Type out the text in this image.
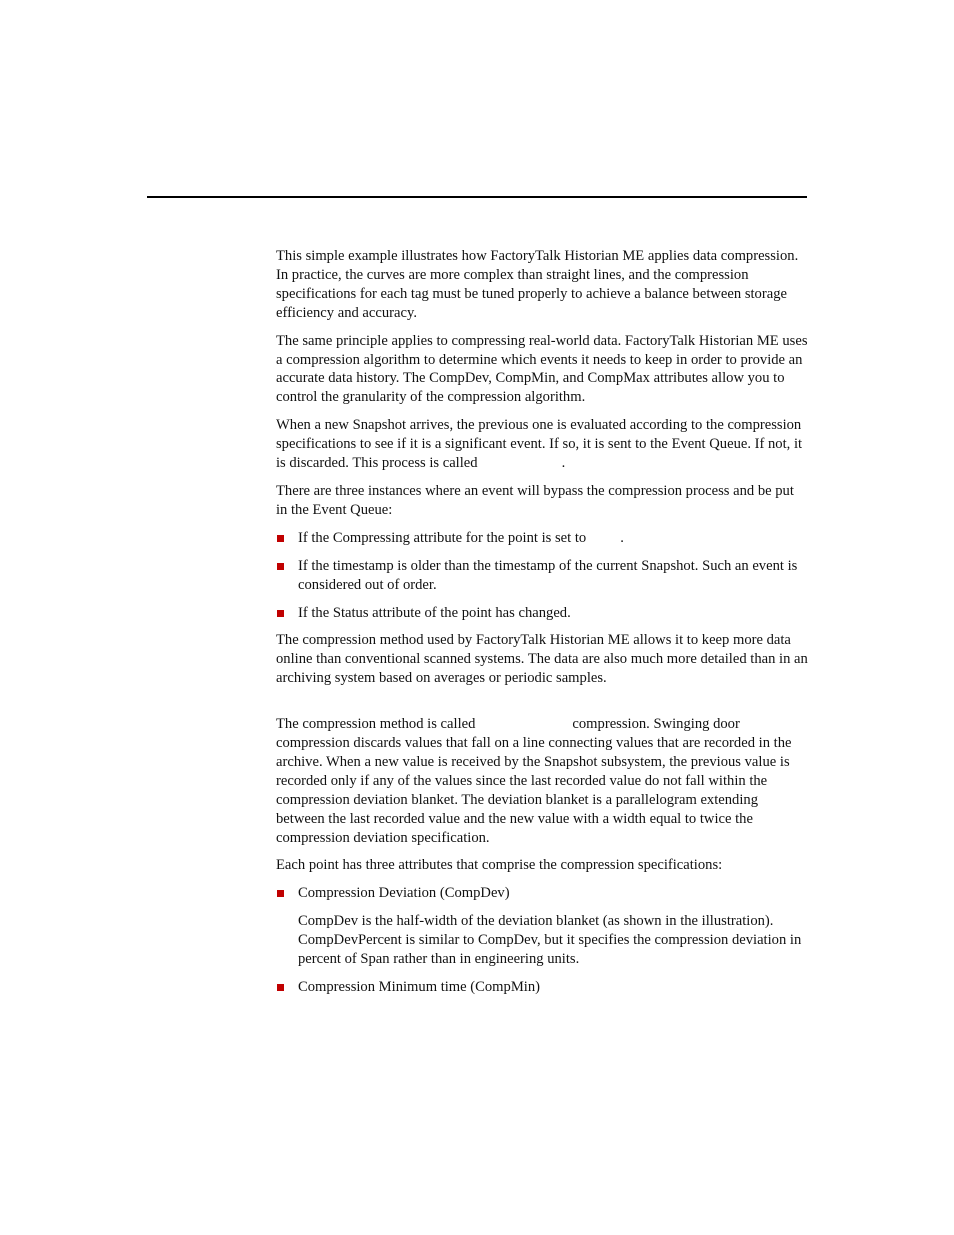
This simple example illustrates how FactoryTalk Historian ME applies data compression. In practice, the curves are more complex than straight lines, and the compression specifications for each tag must be tuned properly to achieve a balance between storage efficiency and accuracy.

The same principle applies to compressing real-world data. FactoryTalk Historian ME uses a compression algorithm to determine which events it needs to keep in order to provide an accurate data history. The CompDev, CompMin, and CompMax attributes allow you to control the granularity of the compression algorithm.

When a new Snapshot arrives, the previous one is evaluated according to the compression specifications to see if it is a significant event. If so, it is sent to the Event Queue. If not, it is discarded. This process is called	.

There are three instances where an event will bypass the compression process and be put in the Event Queue:

If the Compressing attribute for the point is set to .
If the timestamp is older than the timestamp of the current Snapshot. Such an event is considered out of order.
If the Status attribute of the point has changed.

The compression method used by FactoryTalk Historian ME allows it to keep more data online than conventional scanned systems. The data are also much more detailed than in an archiving system based on averages or periodic samples.

The compression method is called	compression. Swinging door compression discards values that fall on a line connecting values that are recorded in the archive. When a new value is received by the Snapshot subsystem, the previous value is recorded only if any of the values since the last recorded value do not fall within the compression deviation blanket. The deviation blanket is a parallelogram extending between the last recorded value and the new value with a width equal to twice the compression deviation specification.

Each point has three attributes that comprise the compression specifications:

Compression Deviation (CompDev)

CompDev is the half-width of the deviation blanket (as shown in the illustration). CompDevPercent is similar to CompDev, but it specifies the compression deviation in percent of Span rather than in engineering units.

Compression Minimum time (CompMin)
